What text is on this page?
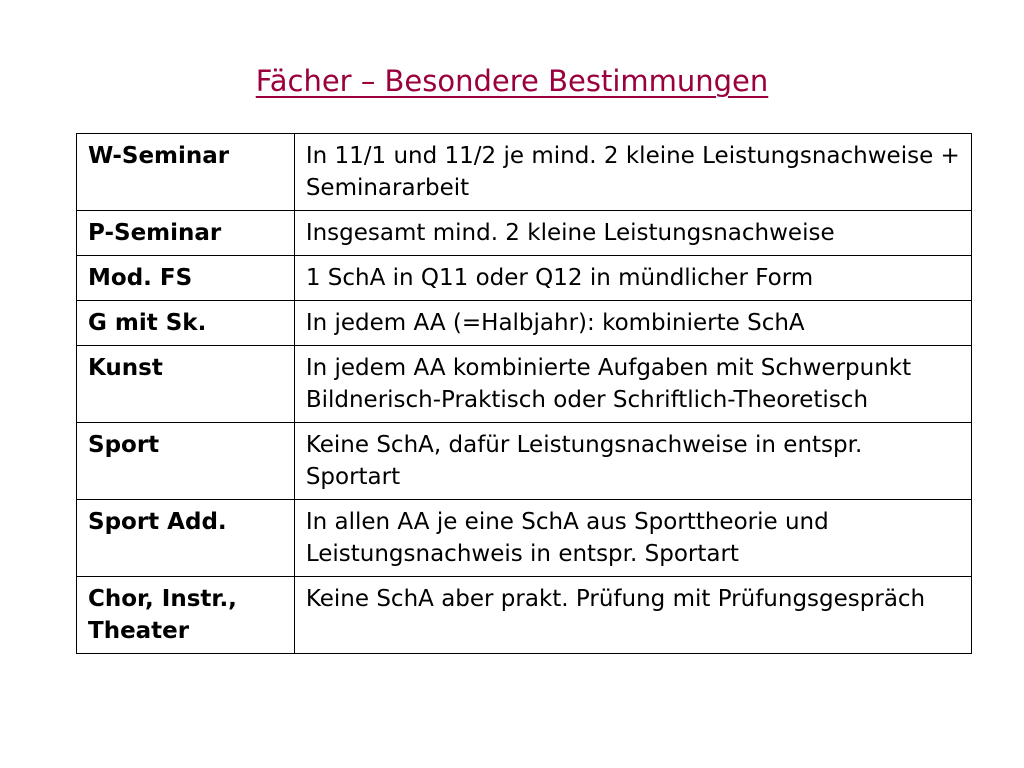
Fächer – Besondere Bestimmungen
W-Seminar	In 11/1 und 11/2 je mind. 2 kleine Leistungsnachweise + Seminararbeit
P-Seminar	Insgesamt mind. 2 kleine Leistungsnachweise
Mod. FS	1 SchA in Q11 oder Q12 in mündlicher Form
G mit Sk.	In jedem AA (=Halbjahr): kombinierte SchA
Kunst	In jedem AA kombinierte Aufgaben mit Schwerpunkt Bildnerisch-Praktisch oder Schriftlich-Theoretisch
Sport	Keine SchA, dafür Leistungsnachweise in entspr. Sportart
Sport Add.	In allen AA je eine SchA aus Sporttheorie und Leistungsnachweis in entspr. Sportart
Chor, Instr., Theater	Keine SchA aber prakt. Prüfung mit Prüfungsgespräch
